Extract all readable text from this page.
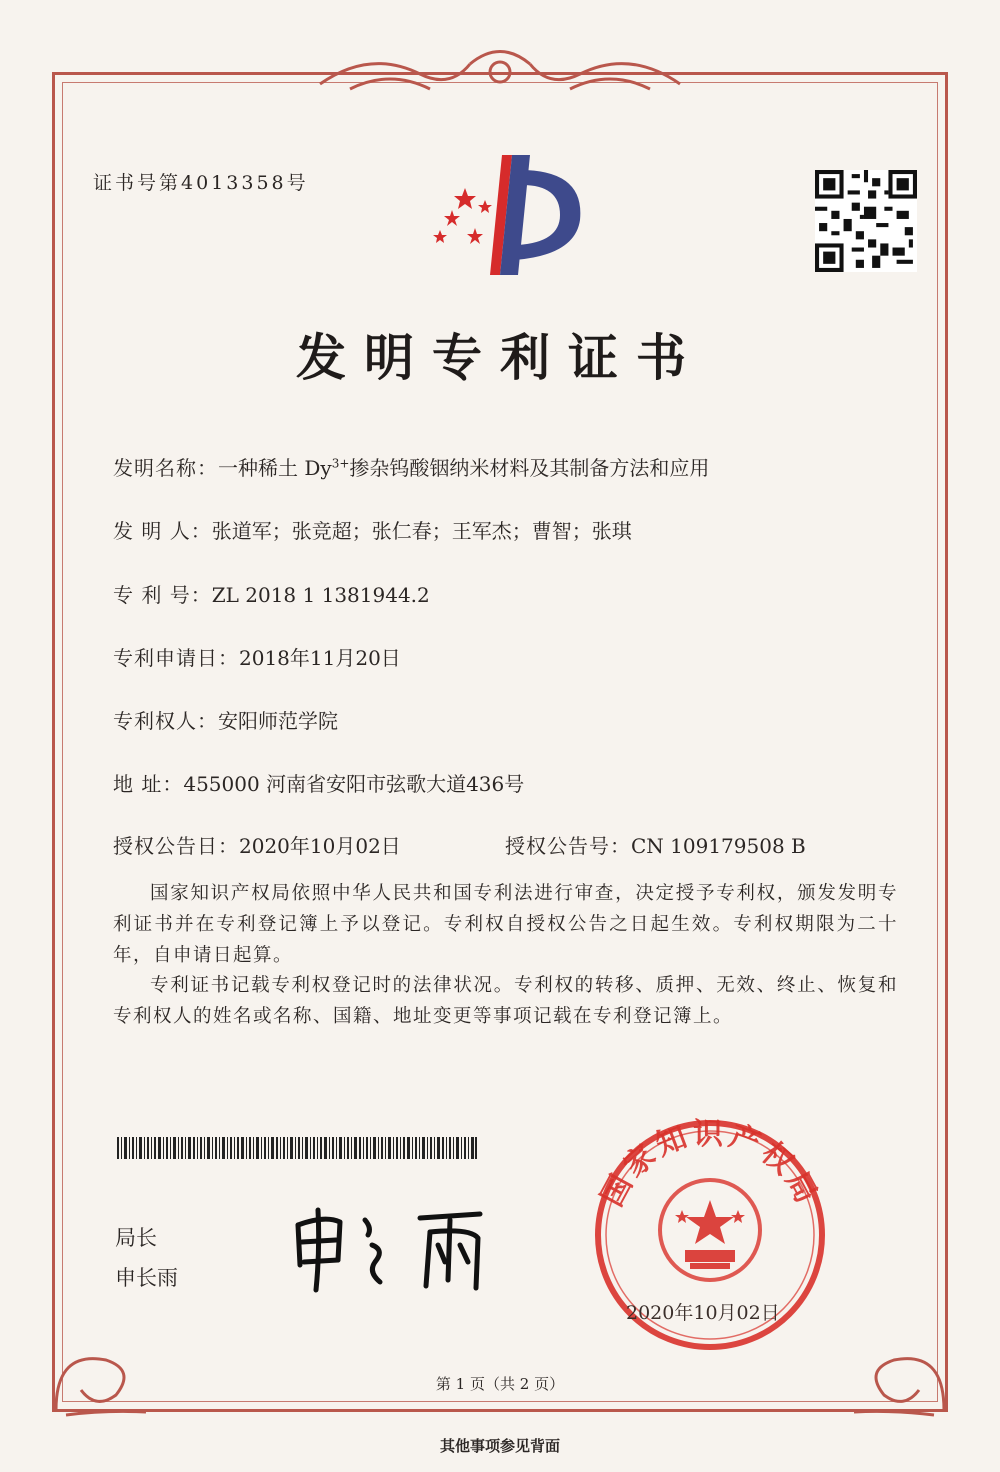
证书号第4013358号
发明专利证书
发明名称：一种稀土 $Dy^{3+}$掺杂钨酸铟纳米材料及其制备方法和应用
发 明 人：张道军；张竞超；张仁春；王军杰；曹智；张琪
专 利 号：ZL 2018 1 1381944.2
专利申请日：2018年11月20日
专利权人：安阳师范学院
地 址：455000 河南省安阳市弦歌大道436号
授权公告日：2020年10月02日	授权公告号：CN 109179508 B
国家知识产权局依照中华人民共和国专利法进行审查，决定授予专利权，颁发发明专利证书并在专利登记簿上予以登记。专利权自授权公告之日起生效。专利权期限为二十年，自申请日起算。
专利证书记载专利权登记时的法律状况。专利权的转移、质押、无效、终止、恢复和专利权人的姓名或名称、国籍、地址变更等事项记载在专利登记簿上。
局长
申长雨
国家知识产权局
2020年10月02日
第 1 页（共 2 页）
其他事项参见背面
